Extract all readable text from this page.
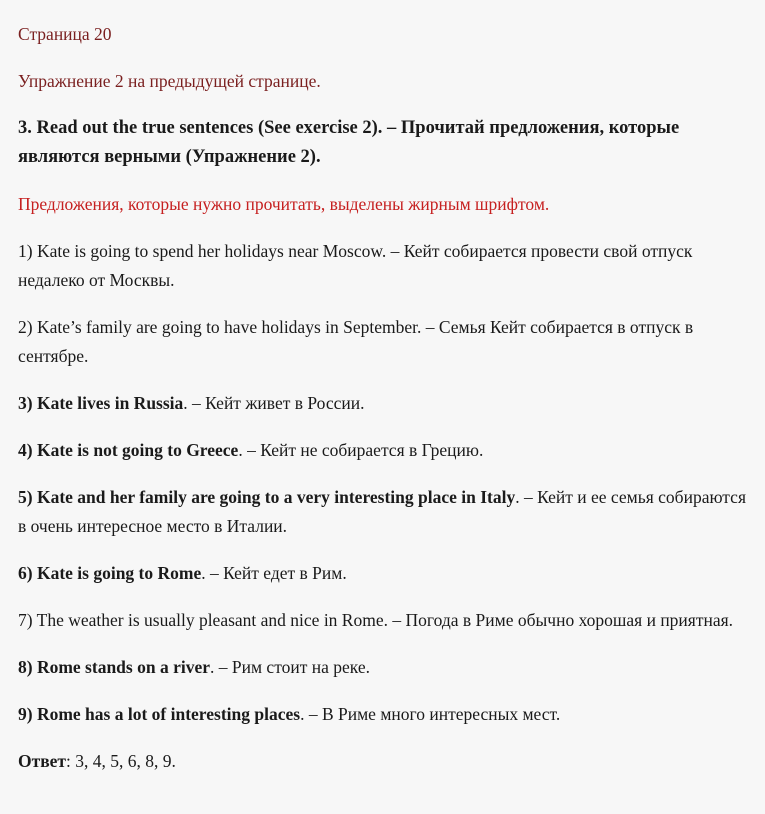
Страница 20

Упражнение 2 на предыдущей странице.

3. Read out the true sentences (See exercise 2). – Прочитай предложения, которые являются верными (Упражнение 2).

Предложения, которые нужно прочитать, выделены жирным шрифтом.

1) Kate is going to spend her holidays near Moscow. – Кейт собирается провести свой отпуск недалеко от Москвы.

2) Kate’s family are going to have holidays in September. – Семья Кейт собирается в отпуск в сентябре.

3) Kate lives in Russia. – Кейт живет в России.

4) Kate is not going to Greece. – Кейт не собирается в Грецию.

5) Kate and her family are going to a very interesting place in Italy. – Кейт и ее семья собираются в очень интересное место в Италии.

6) Kate is going to Rome. – Кейт едет в Рим.

7) The weather is usually pleasant and nice in Rome. – Погода в Риме обычно хорошая и приятная.

8) Rome stands on a river. – Рим стоит на реке.

9) Rome has a lot of interesting places. – В Риме много интересных мест.

Ответ: 3, 4, 5, 6, 8, 9.
